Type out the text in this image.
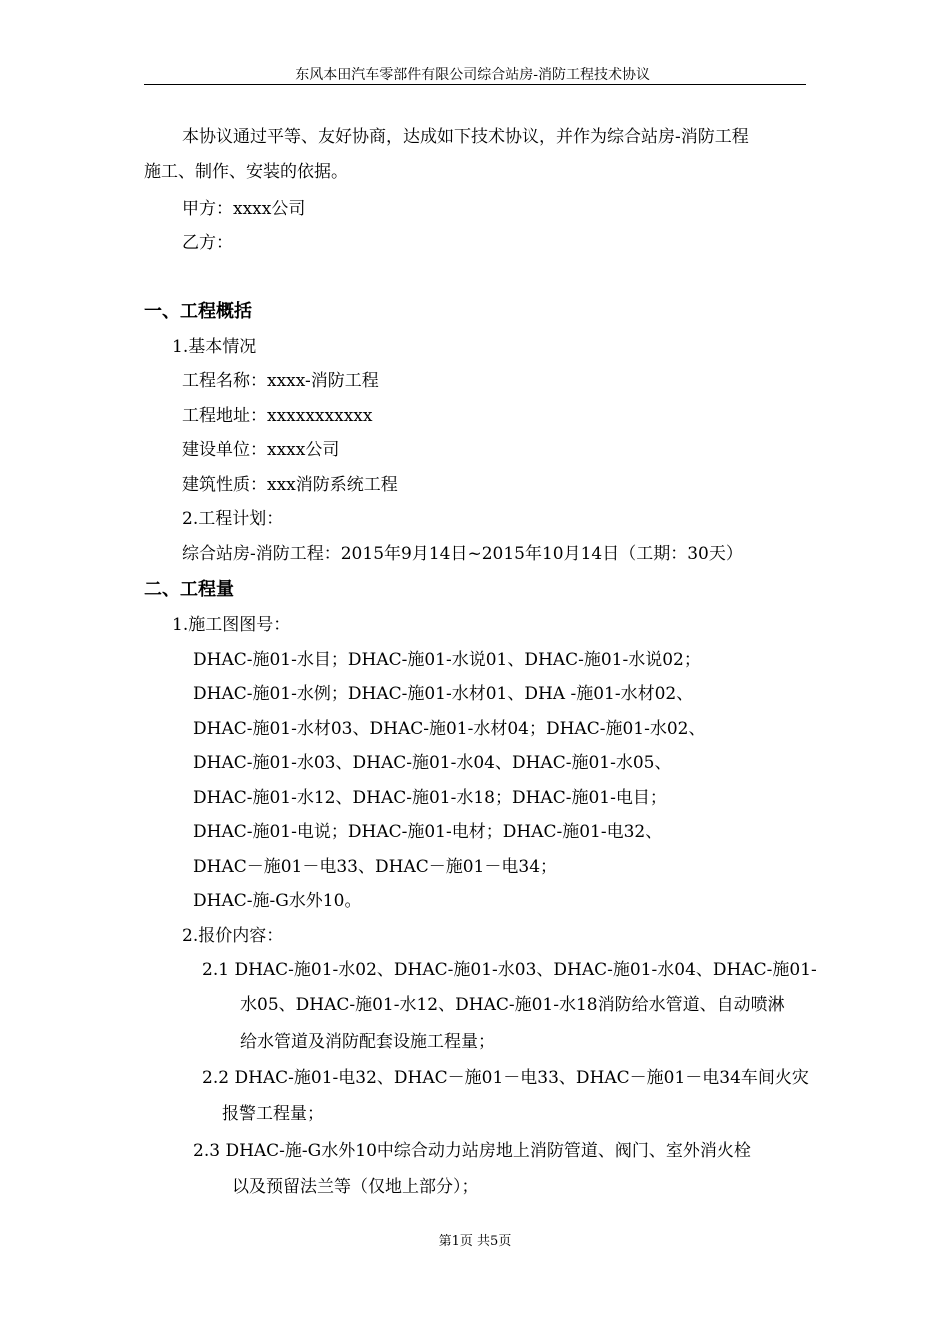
东风本田汽车零部件有限公司综合站房-消防工程技术协议
本协议通过平等、友好协商，达成如下技术协议，并作为综合站房-消防工程
施工、制作、安装的依据。
甲方：xxxx公司
乙方：
一、工程概括
1.基本情况
工程名称：xxxx-消防工程
工程地址：xxxxxxxxxxx
建设单位：xxxx公司
建筑性质：xxx消防系统工程
2.工程计划：
综合站房-消防工程：2015年9月14日~2015年10月14日（工期：30天）
二、工程量
1.施工图图号：
DHAC-施01-水目；DHAC-施01-水说01、DHAC-施01-水说02；
DHAC-施01-水例；DHAC-施01-水材01、DHA -施01-水材02、
DHAC-施01-水材03、DHAC-施01-水材04；DHAC-施01-水02、
DHAC-施01-水03、DHAC-施01-水04、DHAC-施01-水05、
DHAC-施01-水12、DHAC-施01-水18；DHAC-施01-电目；
DHAC-施01-电说；DHAC-施01-电材；DHAC-施01-电32、
DHAC－施01－电33、DHAC－施01－电34；
DHAC-施-G水外10。
2.报价内容：
2.1 DHAC-施01-水02、DHAC-施01-水03、DHAC-施01-水04、DHAC-施01-
水05、DHAC-施01-水12、DHAC-施01-水18消防给水管道、自动喷淋
给水管道及消防配套设施工程量；
2.2 DHAC-施01-电32、DHAC－施01－电33、DHAC－施01－电34车间火灾
报警工程量；
2.3 DHAC-施-G水外10中综合动力站房地上消防管道、阀门、室外消火栓
以及预留法兰等（仅地上部分）；
第1页 共5页
